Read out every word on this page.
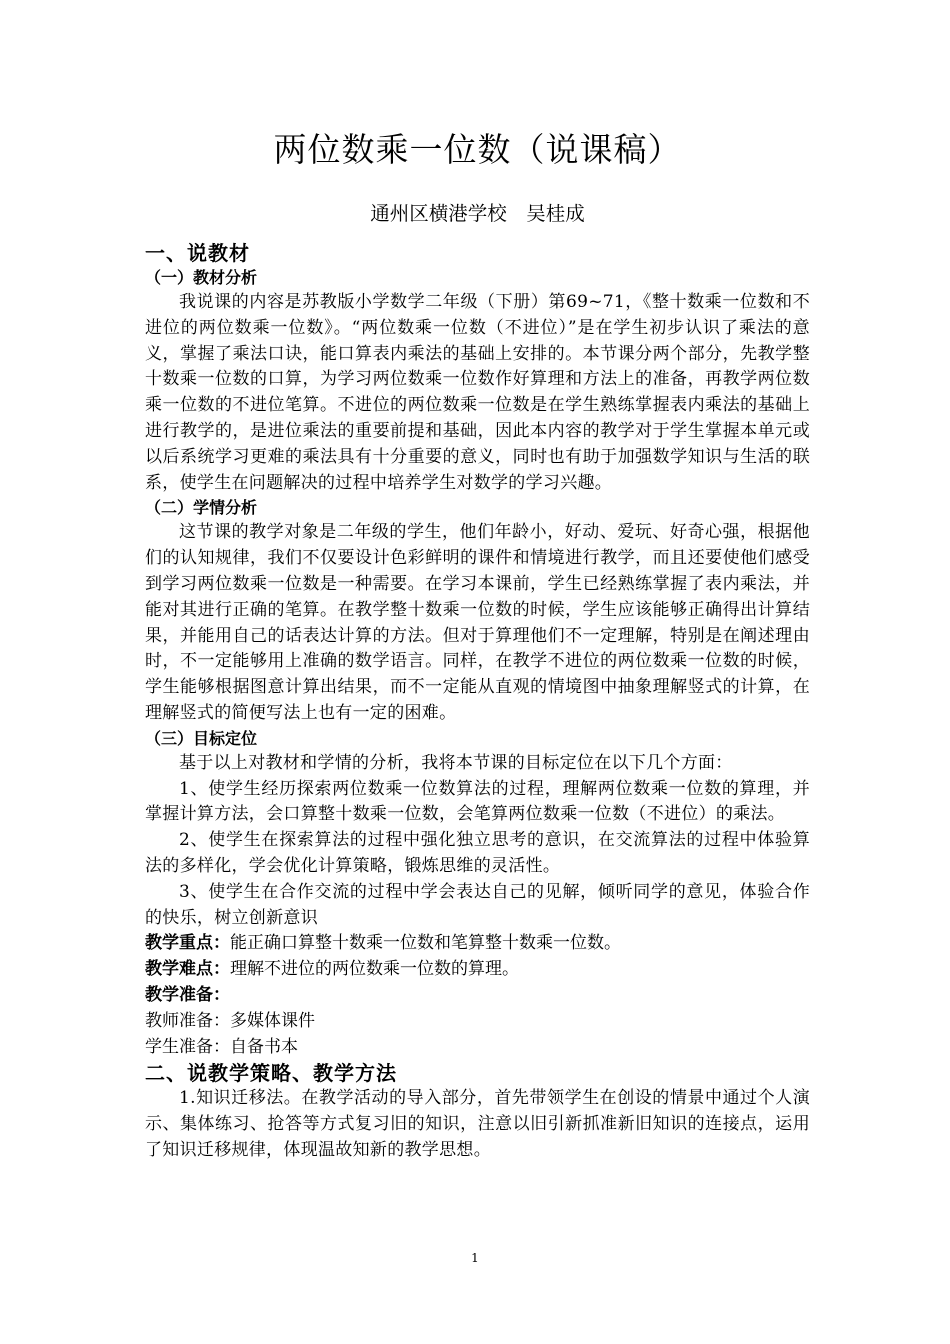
两位数乘一位数（说课稿）
通州区横港学校　吴桂成
一、说教材
（一）教材分析

我说课的内容是苏教版小学数学二年级（下册）第69~71，《整十数乘一位数和不进位的两位数乘一位数》。“两位数乘一位数（不进位）”是在学生初步认识了乘法的意义，掌握了乘法口诀，能口算表内乘法的基础上安排的。本节课分两个部分，先教学整十数乘一位数的口算，为学习两位数乘一位数作好算理和方法上的准备，再教学两位数乘一位数的不进位笔算。不进位的两位数乘一位数是在学生熟练掌握表内乘法的基础上进行教学的，是进位乘法的重要前提和基础，因此本内容的教学对于学生掌握本单元或以后系统学习更难的乘法具有十分重要的意义，同时也有助于加强数学知识与生活的联系，使学生在问题解决的过程中培养学生对数学的学习兴趣。

（二）学情分析

这节课的教学对象是二年级的学生，他们年龄小，好动、爱玩、好奇心强，根据他们的认知规律，我们不仅要设计色彩鲜明的课件和情境进行教学，而且还要使他们感受到学习两位数乘一位数是一种需要。在学习本课前，学生已经熟练掌握了表内乘法，并能对其进行正确的笔算。在教学整十数乘一位数的时候，学生应该能够正确得出计算结果，并能用自己的话表达计算的方法。但对于算理他们不一定理解，特别是在阐述理由时，不一定能够用上准确的数学语言。同样，在教学不进位的两位数乘一位数的时候，学生能够根据图意计算出结果，而不一定能从直观的情境图中抽象理解竖式的计算，在理解竖式的简便写法上也有一定的困难。

（三）目标定位

基于以上对教材和学情的分析，我将本节课的目标定位在以下几个方面：

1、使学生经历探索两位数乘一位数算法的过程，理解两位数乘一位数的算理，并掌握计算方法，会口算整十数乘一位数，会笔算两位数乘一位数（不进位）的乘法。

2、使学生在探索算法的过程中强化独立思考的意识，在交流算法的过程中体验算法的多样化，学会优化计算策略，锻炼思维的灵活性。

3、使学生在合作交流的过程中学会表达自己的见解，倾听同学的意见，体验合作的快乐，树立创新意识

教学重点：能正确口算整十数乘一位数和笔算整十数乘一位数。

教学难点：理解不进位的两位数乘一位数的算理。

教学准备：

教师准备：多媒体课件

学生准备：自备书本

二、说教学策略、教学方法

1.知识迁移法。在教学活动的导入部分，首先带领学生在创设的情景中通过个人演示、集体练习、抢答等方式复习旧的知识，注意以旧引新抓准新旧知识的连接点，运用了知识迁移规律，体现温故知新的教学思想。

1
